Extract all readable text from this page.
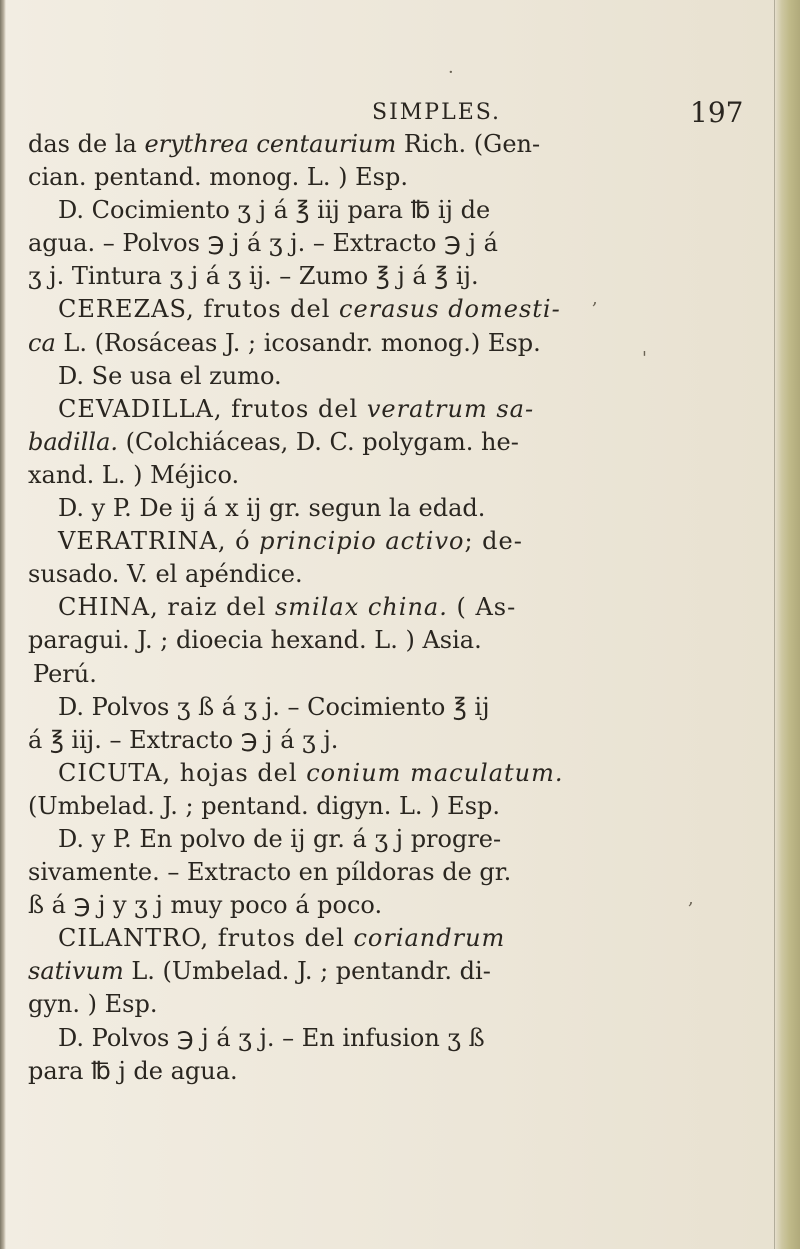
·
,
'
,
SIMPLES.	197
das de la erythrea centaurium Rich. (Gen-
cian. pentand. monog. L. ) Esp.
D. Cocimiento ʒ j á ℥ iij para ℔ ij de
agua. – Polvos ℈ j á ʒ j. – Extracto ℈ j á
ʒ j. Tintura ʒ j á ʒ ij. – Zumo ℥ j á ℥ ij.
CEREZAS, frutos del cerasus domesti-
ca L. (Rosáceas J. ; icosandr. monog.) Esp.
D. Se usa el zumo.
CEVADILLA, frutos del veratrum sa-
badilla. (Colchiáceas, D. C. polygam. he-
xand. L. ) Méjico.
D. y P. De ij á x ij gr. segun la edad.
VERATRINA, ó principio activo; de-
susado. V. el apéndice.
CHINA, raiz del smilax china. ( As-
paragui. J. ; dioecia hexand. L. ) Asia.
Perú.
D. Polvos ʒ ß á ʒ j. – Cocimiento ℥ ij
á ℥ iij. – Extracto ℈ j á ʒ j.
CICUTA, hojas del conium maculatum.
(Umbelad. J. ; pentand. digyn. L. ) Esp.
D. y P. En polvo de ij gr. á ʒ j progre-
sivamente. – Extracto en píldoras de gr.
ß á ℈ j y ʒ j muy poco á poco.
CILANTRO, frutos del coriandrum
sativum L. (Umbelad. J. ; pentandr. di-
gyn. ) Esp.
D. Polvos ℈ j á ʒ j. – En infusion ʒ ß
para ℔ j de agua.
